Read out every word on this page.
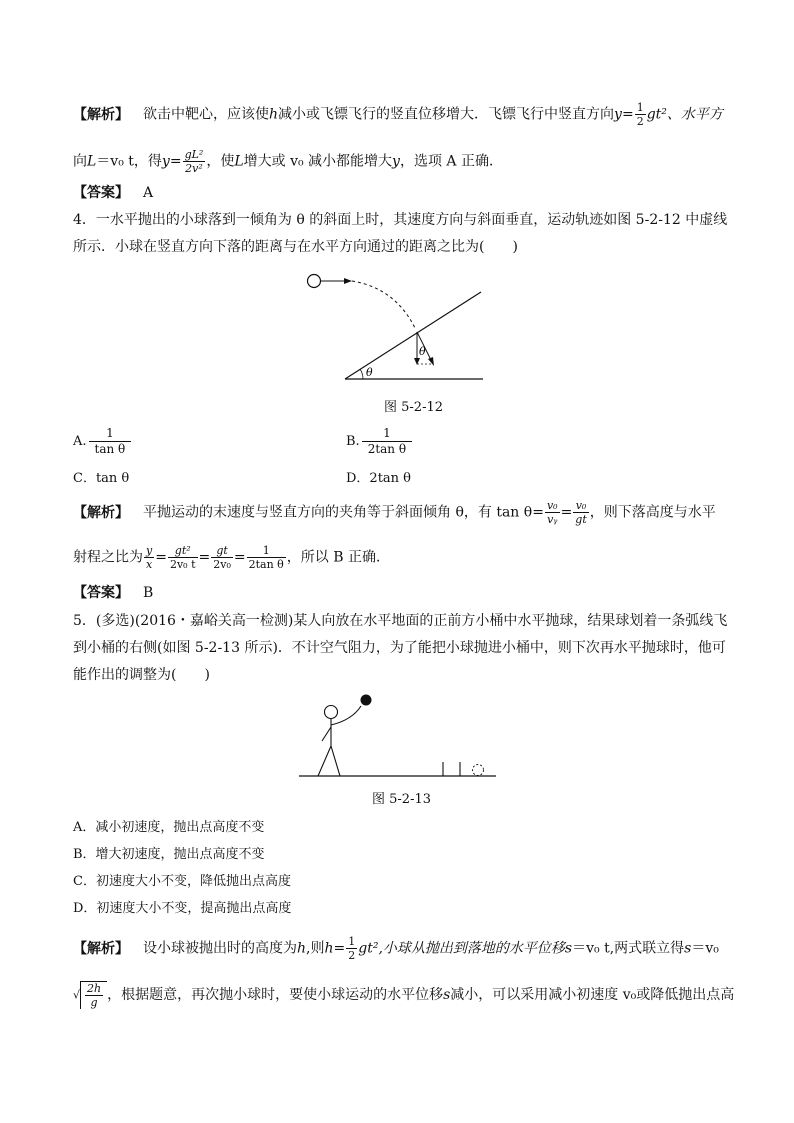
【解析】 欲击中靶心，应该使h减小或飞镖飞行的竖直位移增大．飞镖飞行中竖直方向$y= \frac{1}{2} gt^2$、水平方
向L＝v₀ t，得$y= \frac{\text{gL²}}{\text{2v²}}$ ，使L增大或 v₀ 减小都能增大y，选项 A 正确．
【答案】 A
4．一水平抛出的小球落到一倾角为 θ 的斜面上时，其速度方向与斜面垂直，运动轨迹如图 5-2-12 中虚线
所示．小球在竖直方向下落的距离与在水平方向通过的距离之比为(　　)
θ
θ
图 5-2-12
A. $\frac{1}{\text{tan θ}}$	B. $\frac{1}{\text{2tan θ}}$
C．tan θ	D．2tan θ
【解析】 平抛运动的末速度与竖直方向的夹角等于斜面倾角 θ，有 $\tan \theta= \frac{\text{v₀}}{\text{vᵧ}} = \frac{\text{v₀}}{gt}$ ，则下落高度与水平
射程之比为 $\frac{y}{x} = \frac{\text{gt²}}{\text{2v₀ t}} = \frac{gt}{\text{2v₀}} = \frac{1}{\text{2tan θ}}$ ，所以 B 正确．
【答案】 B
5．(多选)(2016・嘉峪关高一检测)某人向放在水平地面的正前方小桶中水平抛球，结果球划着一条弧线飞
到小桶的右侧(如图 5-2-13 所示)．不计空气阻力，为了能把小球抛进小桶中，则下次再水平抛球时，他可
能作出的调整为(　　)
图 5-2-13
A．减小初速度，抛出点高度不变
B．增大初速度，抛出点高度不变
C．初速度大小不变，降低抛出点高度
D．初速度大小不变，提高抛出点高度
【解析】 设小球被抛出时的高度为h,则$h= \frac{1}{2} gt^2$,小球从抛出到落地的水平位移s＝v₀ t,两式联立得s＝v₀
√ $\frac{2h}{g}$ ，根据题意，再次抛小球时，要使小球运动的水平位移s减小，可以采用减小初速度 v₀或降低抛出点高
